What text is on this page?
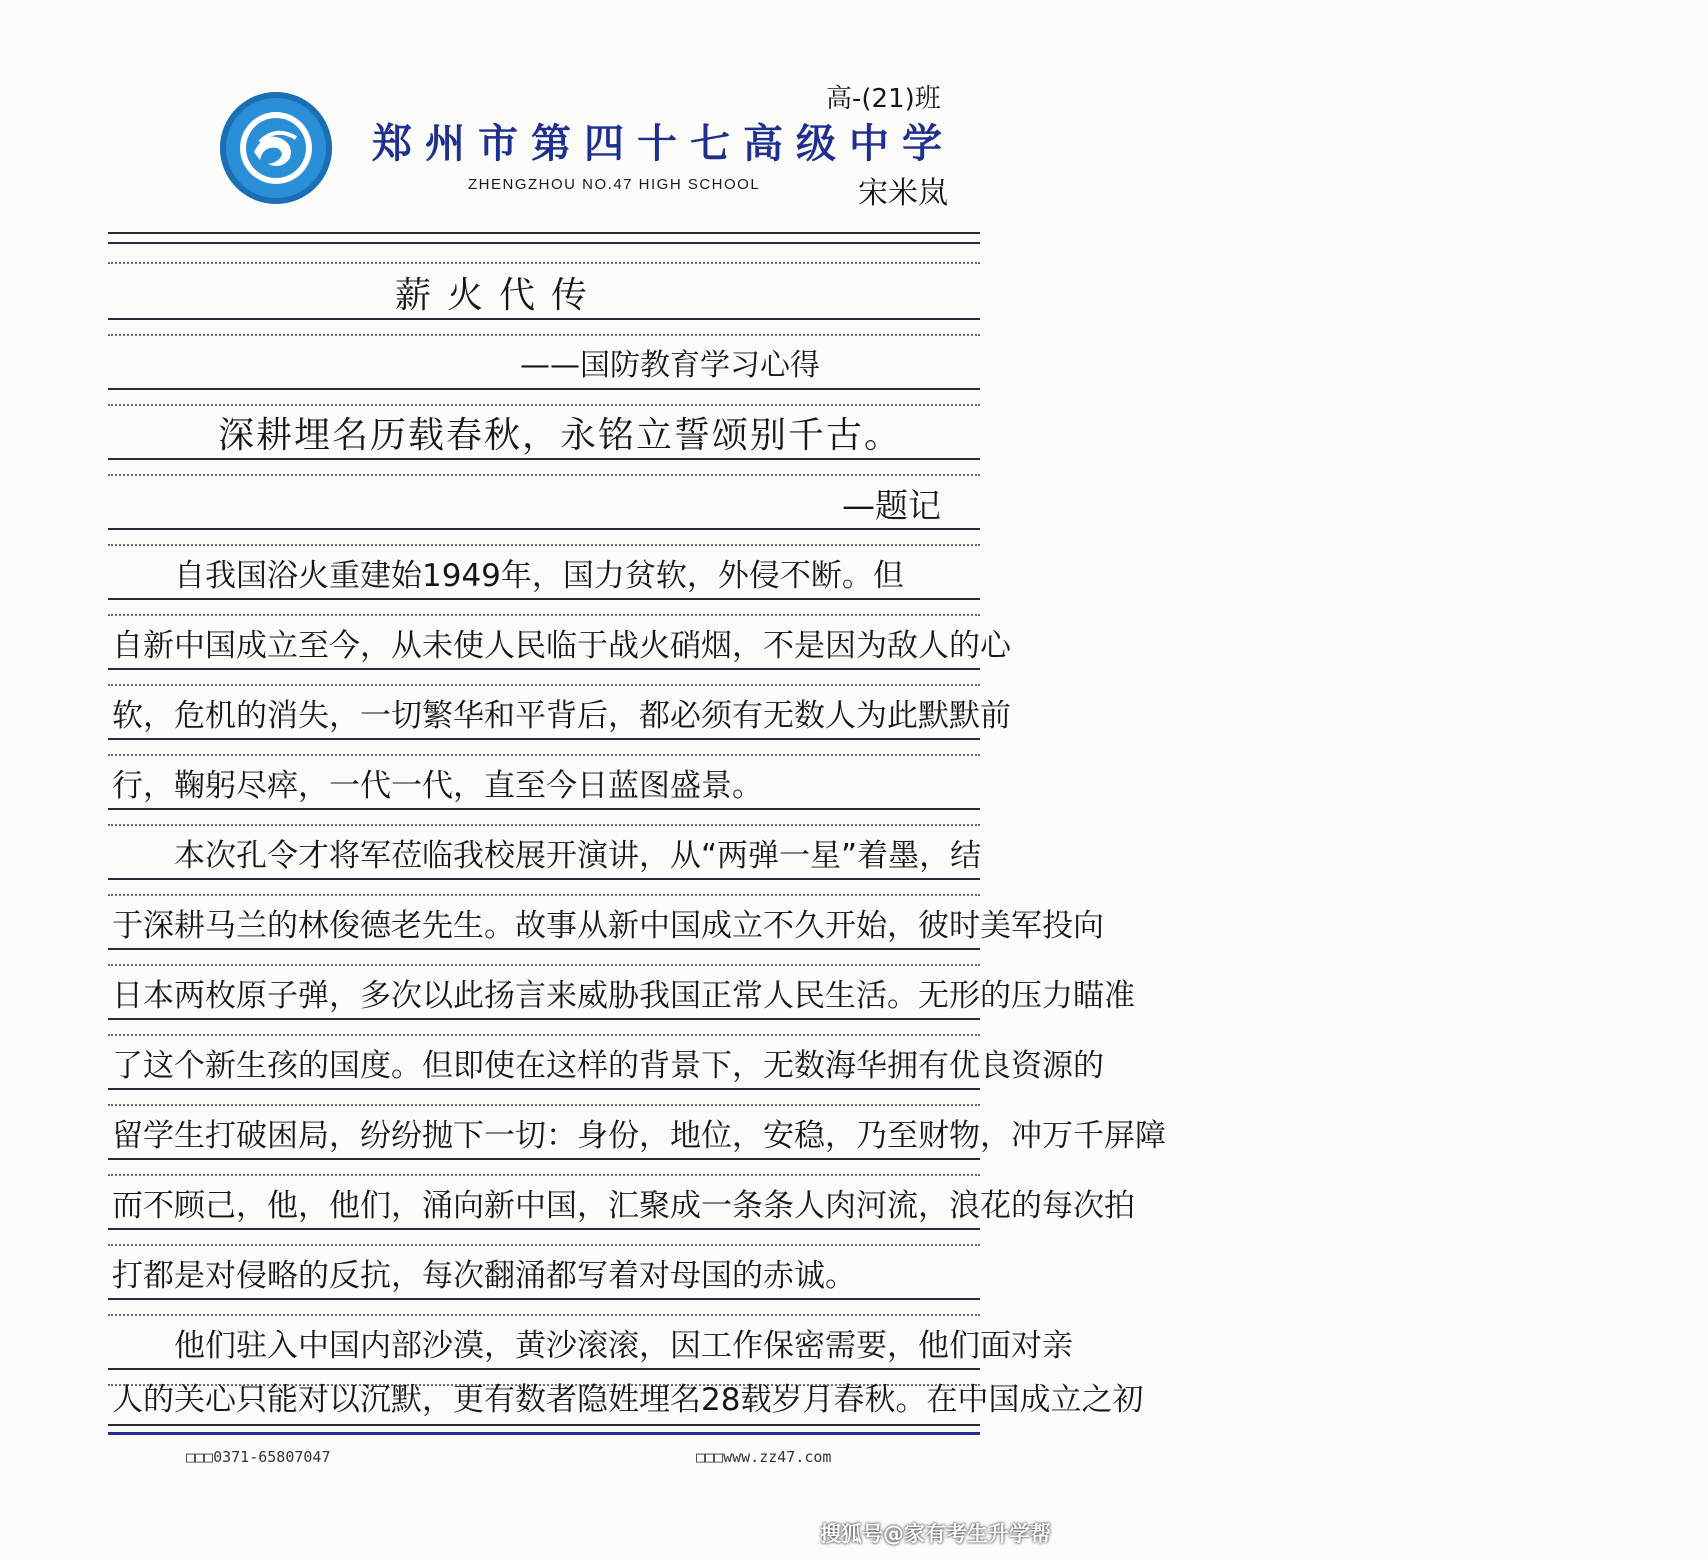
郑州市第四十七高级中学
ZHENGZHOU NO.47 HIGH SCHOOL
高-(21)班
宋米岚
薪火代传
——国防教育学习心得
深耕埋名历载春秋，永铭立誓颂别千古。
—题记
　　自我国浴火重建始1949年，国力贫软，外侵不断。但
自新中国成立至今，从未使人民临于战火硝烟，不是因为敌人的心
软，危机的消失，一切繁华和平背后，都必须有无数人为此默默前
行，鞠躬尽瘁，一代一代，直至今日蓝图盛景。
　　本次孔令才将军莅临我校展开演讲，从“两弹一星”着墨，结
于深耕马兰的林俊德老先生。故事从新中国成立不久开始，彼时美军投向
日本两枚原子弹，多次以此扬言来威胁我国正常人民生活。无形的压力瞄准
了这个新生孩的国度。但即使在这样的背景下，无数海华拥有优良资源的
留学生打破困局，纷纷抛下一切：身份，地位，安稳，乃至财物，冲万千屏障
而不顾己，他，他们，涌向新中国，汇聚成一条条人肉河流，浪花的每次拍
打都是对侵略的反抗，每次翻涌都写着对母国的赤诚。
　　他们驻入中国内部沙漠，黄沙滚滚，因工作保密需要，他们面对亲
人的关心只能对以沉默，更有数者隐姓埋名28载岁月春秋。在中国成立之初
□□□0371-65807047	□□□www.zz47.com
搜狐号@家有考生升学帮
